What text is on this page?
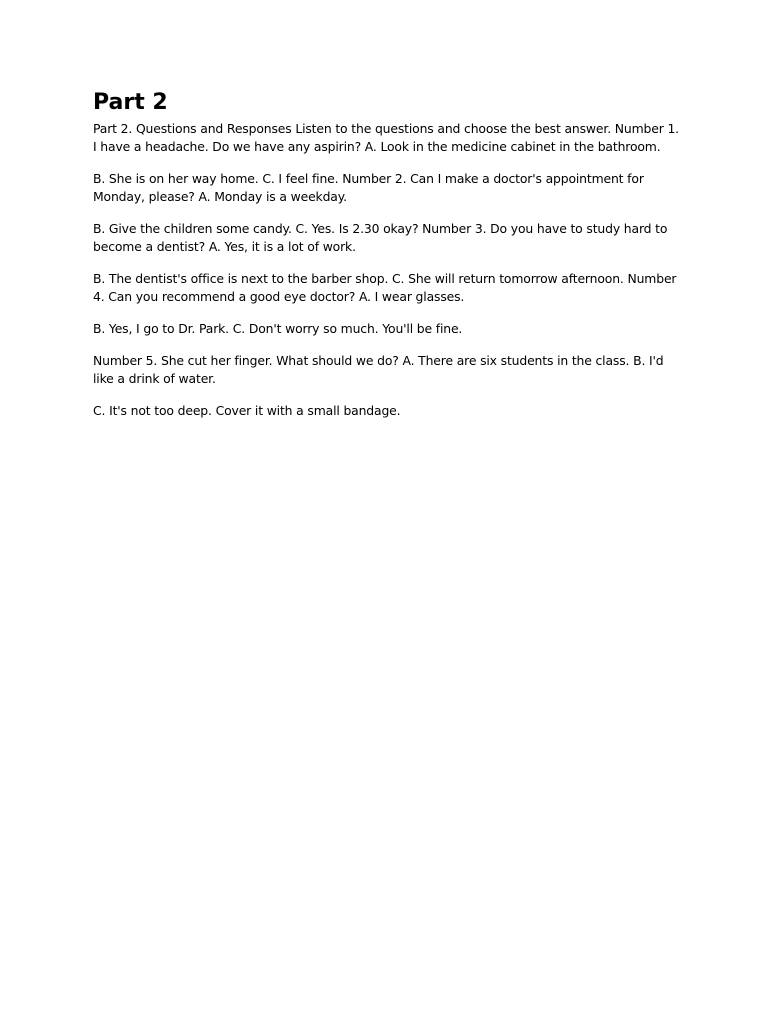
Part 2

Part 2. Questions and Responses Listen to the questions and choose the best answer. Number 1. I have a headache. Do we have any aspirin? A. Look in the medicine cabinet in the bathroom.

B. She is on her way home. C. I feel fine. Number 2. Can I make a doctor's appointment for Monday, please? A. Monday is a weekday.

B. Give the children some candy. C. Yes. Is 2.30 okay? Number 3. Do you have to study hard to become a dentist? A. Yes, it is a lot of work.

B. The dentist's office is next to the barber shop. C. She will return tomorrow afternoon. Number 4. Can you recommend a good eye doctor? A. I wear glasses.

B. Yes, I go to Dr. Park. C. Don't worry so much. You'll be fine.

Number 5. She cut her finger. What should we do? A. There are six students in the class. B. I'd like a drink of water.

C. It's not too deep. Cover it with a small bandage.
